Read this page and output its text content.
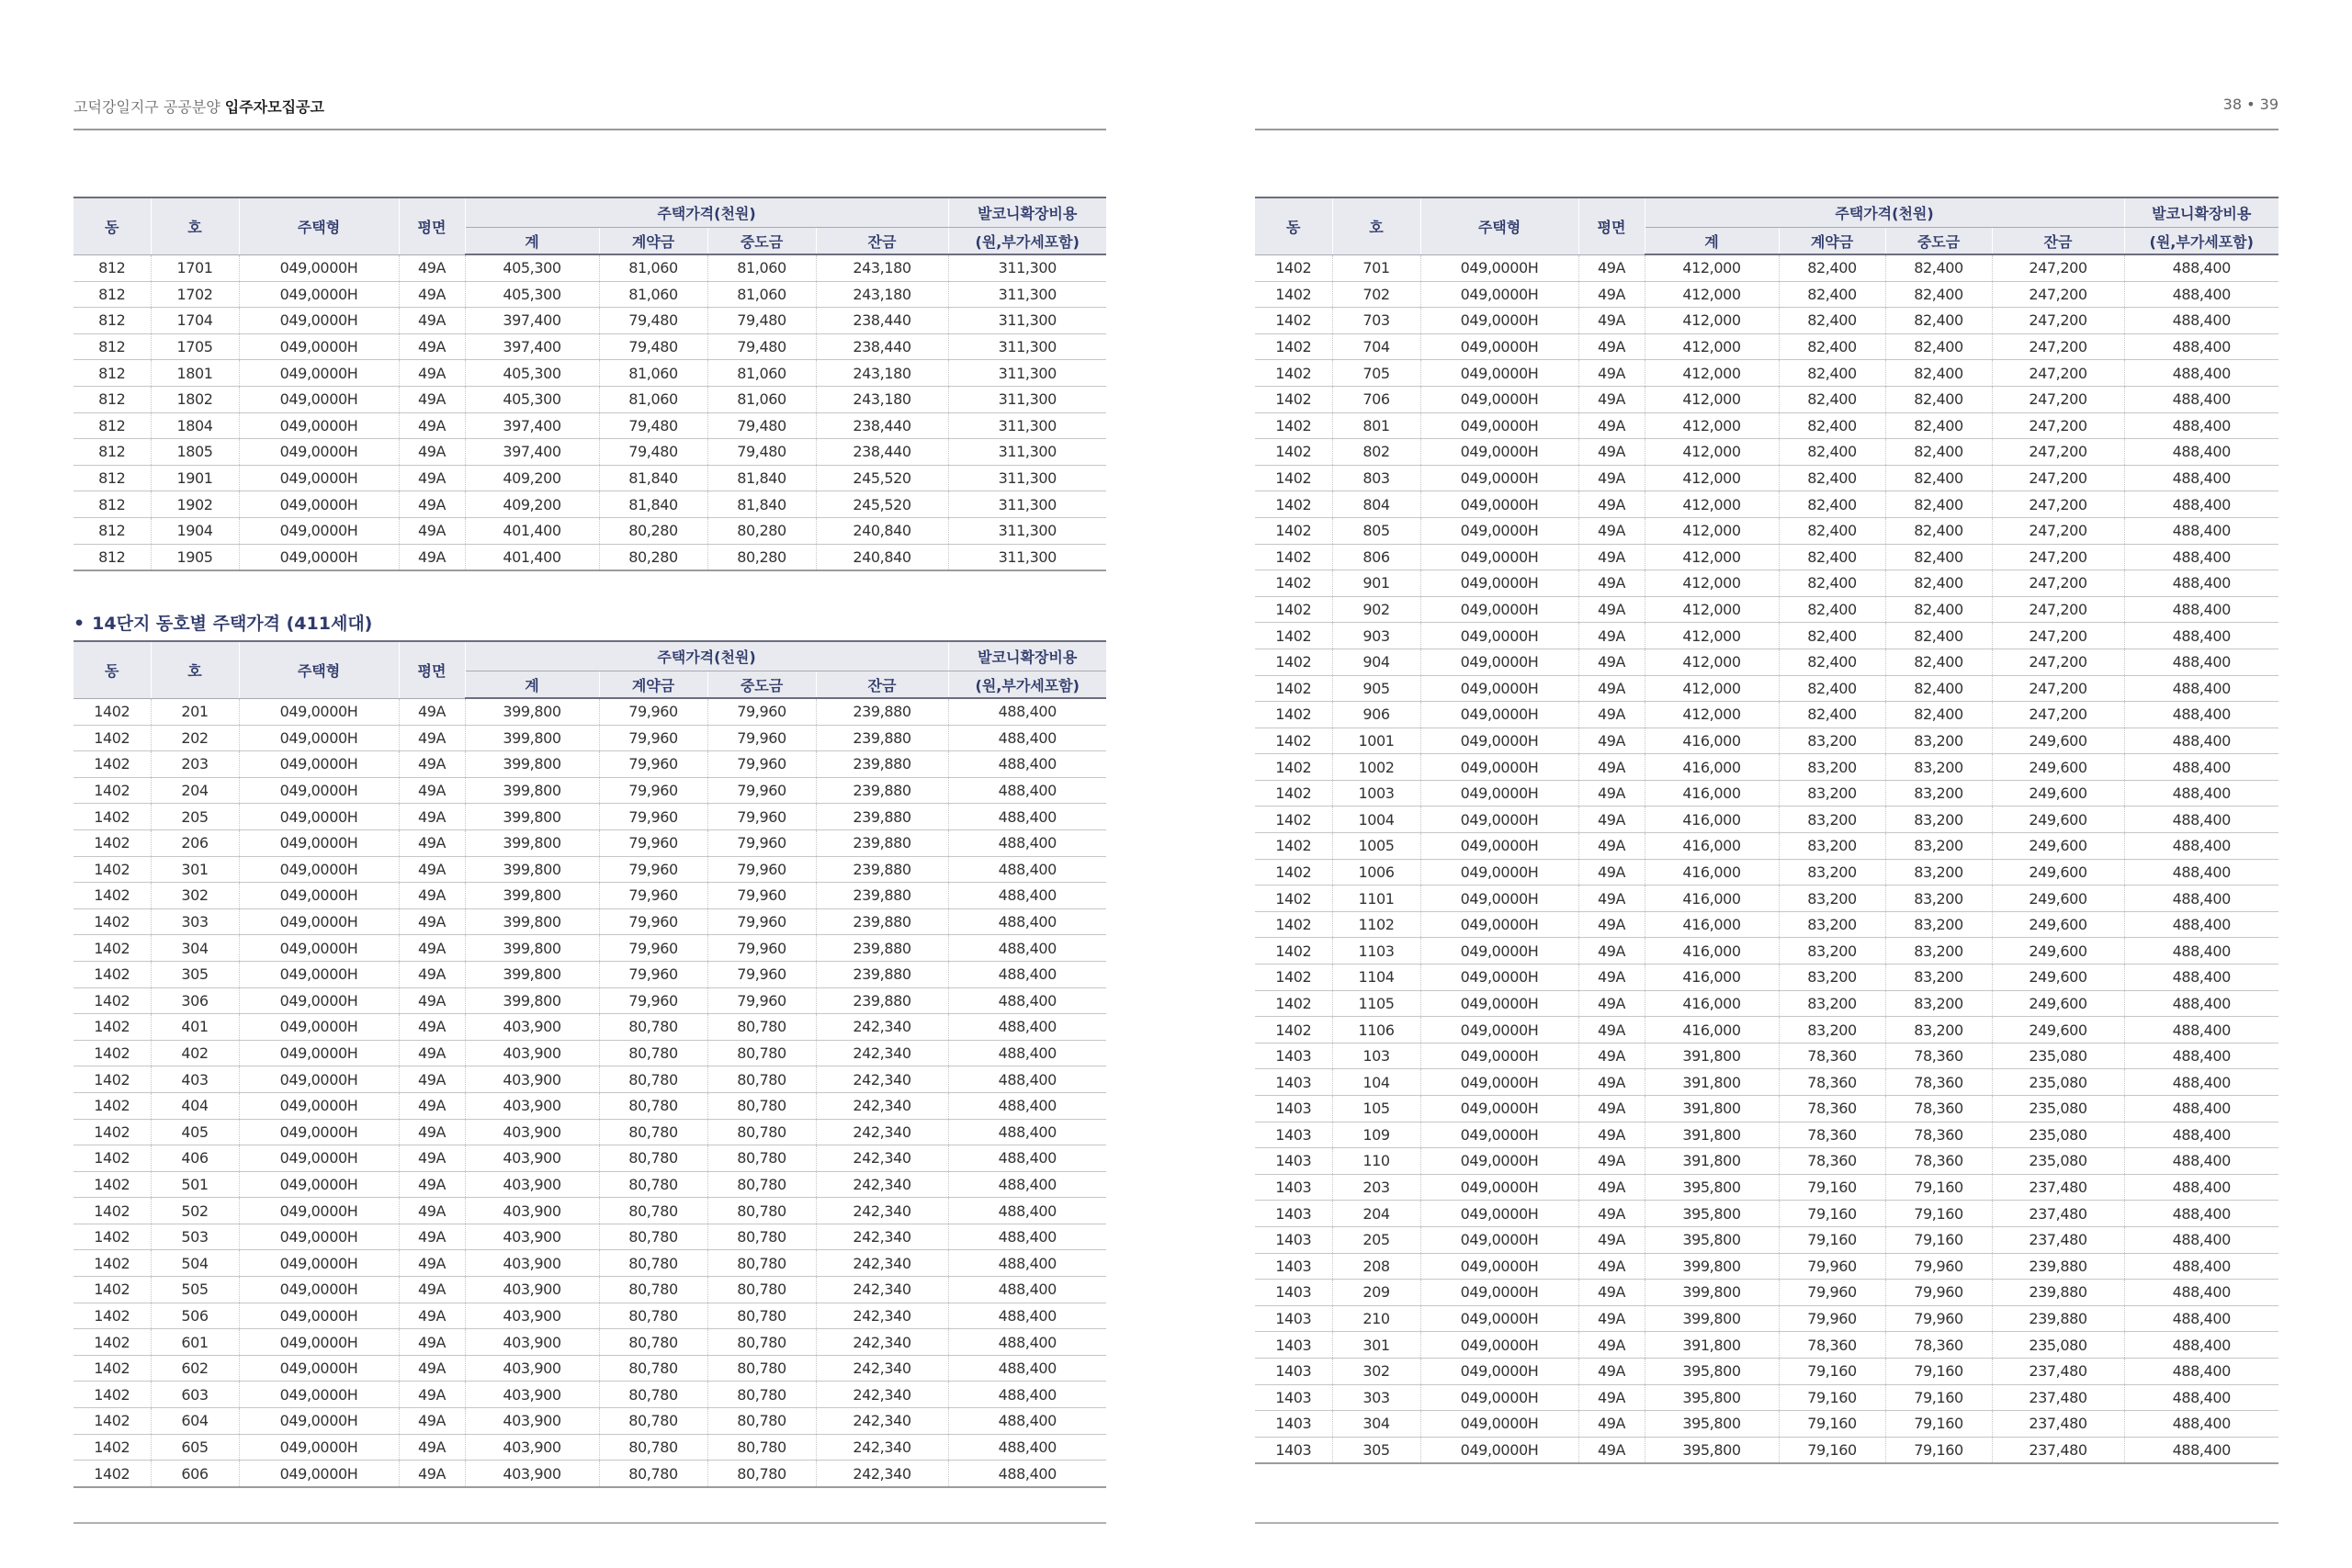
고덕강일지구 공공분양 입주자모집공고	38 • 39
동	호	주택형	평면	주택가격(천원)				발코니확장비용
				계	계약금	중도금	잔금	(원,부가세포함)
812	1701	049,0000H	49A	405,300	81,060	81,060	243,180	311,300
812	1702	049,0000H	49A	405,300	81,060	81,060	243,180	311,300
812	1704	049,0000H	49A	397,400	79,480	79,480	238,440	311,300
812	1705	049,0000H	49A	397,400	79,480	79,480	238,440	311,300
812	1801	049,0000H	49A	405,300	81,060	81,060	243,180	311,300
812	1802	049,0000H	49A	405,300	81,060	81,060	243,180	311,300
812	1804	049,0000H	49A	397,400	79,480	79,480	238,440	311,300
812	1805	049,0000H	49A	397,400	79,480	79,480	238,440	311,300
812	1901	049,0000H	49A	409,200	81,840	81,840	245,520	311,300
812	1902	049,0000H	49A	409,200	81,840	81,840	245,520	311,300
812	1904	049,0000H	49A	401,400	80,280	80,280	240,840	311,300
812	1905	049,0000H	49A	401,400	80,280	80,280	240,840	311,300
• 14단지 동호별 주택가격 (411세대)
동	호	주택형	평면	주택가격(천원)				발코니확장비용
				계	계약금	중도금	잔금	(원,부가세포함)
1402	201	049,0000H	49A	399,800	79,960	79,960	239,880	488,400
1402	202	049,0000H	49A	399,800	79,960	79,960	239,880	488,400
1402	203	049,0000H	49A	399,800	79,960	79,960	239,880	488,400
1402	204	049,0000H	49A	399,800	79,960	79,960	239,880	488,400
1402	205	049,0000H	49A	399,800	79,960	79,960	239,880	488,400
1402	206	049,0000H	49A	399,800	79,960	79,960	239,880	488,400
1402	301	049,0000H	49A	399,800	79,960	79,960	239,880	488,400
1402	302	049,0000H	49A	399,800	79,960	79,960	239,880	488,400
1402	303	049,0000H	49A	399,800	79,960	79,960	239,880	488,400
1402	304	049,0000H	49A	399,800	79,960	79,960	239,880	488,400
1402	305	049,0000H	49A	399,800	79,960	79,960	239,880	488,400
1402	306	049,0000H	49A	399,800	79,960	79,960	239,880	488,400
1402	401	049,0000H	49A	403,900	80,780	80,780	242,340	488,400
1402	402	049,0000H	49A	403,900	80,780	80,780	242,340	488,400
1402	403	049,0000H	49A	403,900	80,780	80,780	242,340	488,400
1402	404	049,0000H	49A	403,900	80,780	80,780	242,340	488,400
1402	405	049,0000H	49A	403,900	80,780	80,780	242,340	488,400
1402	406	049,0000H	49A	403,900	80,780	80,780	242,340	488,400
1402	501	049,0000H	49A	403,900	80,780	80,780	242,340	488,400
1402	502	049,0000H	49A	403,900	80,780	80,780	242,340	488,400
1402	503	049,0000H	49A	403,900	80,780	80,780	242,340	488,400
1402	504	049,0000H	49A	403,900	80,780	80,780	242,340	488,400
1402	505	049,0000H	49A	403,900	80,780	80,780	242,340	488,400
1402	506	049,0000H	49A	403,900	80,780	80,780	242,340	488,400
1402	601	049,0000H	49A	403,900	80,780	80,780	242,340	488,400
1402	602	049,0000H	49A	403,900	80,780	80,780	242,340	488,400
1402	603	049,0000H	49A	403,900	80,780	80,780	242,340	488,400
1402	604	049,0000H	49A	403,900	80,780	80,780	242,340	488,400
1402	605	049,0000H	49A	403,900	80,780	80,780	242,340	488,400
1402	606	049,0000H	49A	403,900	80,780	80,780	242,340	488,400
동	호	주택형	평면	주택가격(천원)				발코니확장비용
				계	계약금	중도금	잔금	(원,부가세포함)
1402	701	049,0000H	49A	412,000	82,400	82,400	247,200	488,400
1402	702	049,0000H	49A	412,000	82,400	82,400	247,200	488,400
1402	703	049,0000H	49A	412,000	82,400	82,400	247,200	488,400
1402	704	049,0000H	49A	412,000	82,400	82,400	247,200	488,400
1402	705	049,0000H	49A	412,000	82,400	82,400	247,200	488,400
1402	706	049,0000H	49A	412,000	82,400	82,400	247,200	488,400
1402	801	049,0000H	49A	412,000	82,400	82,400	247,200	488,400
1402	802	049,0000H	49A	412,000	82,400	82,400	247,200	488,400
1402	803	049,0000H	49A	412,000	82,400	82,400	247,200	488,400
1402	804	049,0000H	49A	412,000	82,400	82,400	247,200	488,400
1402	805	049,0000H	49A	412,000	82,400	82,400	247,200	488,400
1402	806	049,0000H	49A	412,000	82,400	82,400	247,200	488,400
1402	901	049,0000H	49A	412,000	82,400	82,400	247,200	488,400
1402	902	049,0000H	49A	412,000	82,400	82,400	247,200	488,400
1402	903	049,0000H	49A	412,000	82,400	82,400	247,200	488,400
1402	904	049,0000H	49A	412,000	82,400	82,400	247,200	488,400
1402	905	049,0000H	49A	412,000	82,400	82,400	247,200	488,400
1402	906	049,0000H	49A	412,000	82,400	82,400	247,200	488,400
1402	1001	049,0000H	49A	416,000	83,200	83,200	249,600	488,400
1402	1002	049,0000H	49A	416,000	83,200	83,200	249,600	488,400
1402	1003	049,0000H	49A	416,000	83,200	83,200	249,600	488,400
1402	1004	049,0000H	49A	416,000	83,200	83,200	249,600	488,400
1402	1005	049,0000H	49A	416,000	83,200	83,200	249,600	488,400
1402	1006	049,0000H	49A	416,000	83,200	83,200	249,600	488,400
1402	1101	049,0000H	49A	416,000	83,200	83,200	249,600	488,400
1402	1102	049,0000H	49A	416,000	83,200	83,200	249,600	488,400
1402	1103	049,0000H	49A	416,000	83,200	83,200	249,600	488,400
1402	1104	049,0000H	49A	416,000	83,200	83,200	249,600	488,400
1402	1105	049,0000H	49A	416,000	83,200	83,200	249,600	488,400
1402	1106	049,0000H	49A	416,000	83,200	83,200	249,600	488,400
1403	103	049,0000H	49A	391,800	78,360	78,360	235,080	488,400
1403	104	049,0000H	49A	391,800	78,360	78,360	235,080	488,400
1403	105	049,0000H	49A	391,800	78,360	78,360	235,080	488,400
1403	109	049,0000H	49A	391,800	78,360	78,360	235,080	488,400
1403	110	049,0000H	49A	391,800	78,360	78,360	235,080	488,400
1403	203	049,0000H	49A	395,800	79,160	79,160	237,480	488,400
1403	204	049,0000H	49A	395,800	79,160	79,160	237,480	488,400
1403	205	049,0000H	49A	395,800	79,160	79,160	237,480	488,400
1403	208	049,0000H	49A	399,800	79,960	79,960	239,880	488,400
1403	209	049,0000H	49A	399,800	79,960	79,960	239,880	488,400
1403	210	049,0000H	49A	399,800	79,960	79,960	239,880	488,400
1403	301	049,0000H	49A	391,800	78,360	78,360	235,080	488,400
1403	302	049,0000H	49A	395,800	79,160	79,160	237,480	488,400
1403	303	049,0000H	49A	395,800	79,160	79,160	237,480	488,400
1403	304	049,0000H	49A	395,800	79,160	79,160	237,480	488,400
1403	305	049,0000H	49A	395,800	79,160	79,160	237,480	488,400
